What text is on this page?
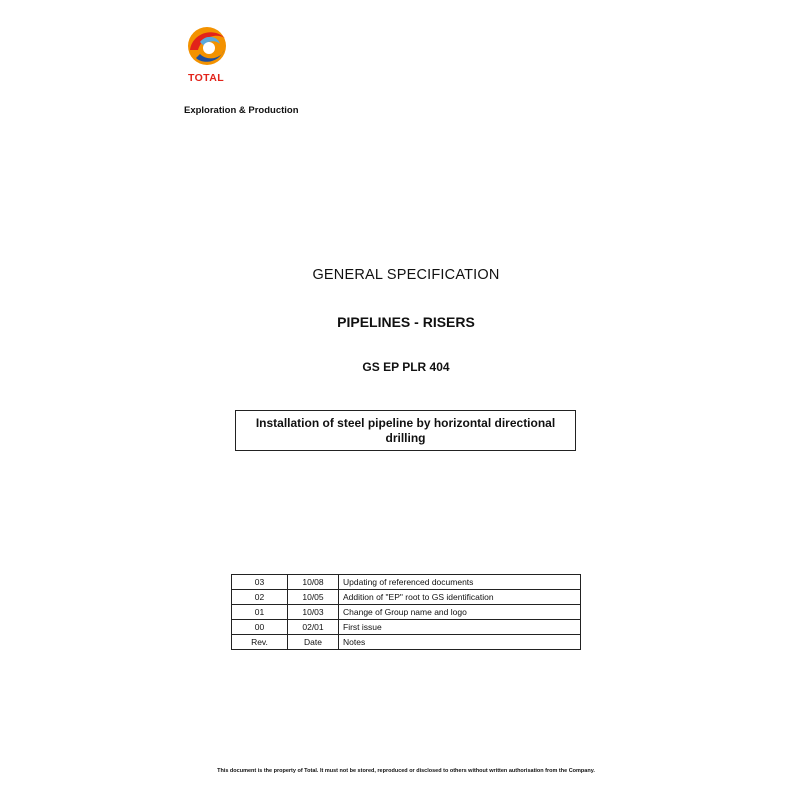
TOTAL
Exploration & Production
GENERAL SPECIFICATION
PIPELINES - RISERS
GS EP PLR 404
Installation of steel pipeline by horizontal directional drilling
03	10/08	Updating of referenced documents
02	10/05	Addition of "EP" root to GS identification
01	10/03	Change of Group name and logo
00	02/01	First issue
Rev.	Date	Notes
This document is the property of Total. It must not be stored, reproduced or disclosed to others without written authorisation from the Company.
